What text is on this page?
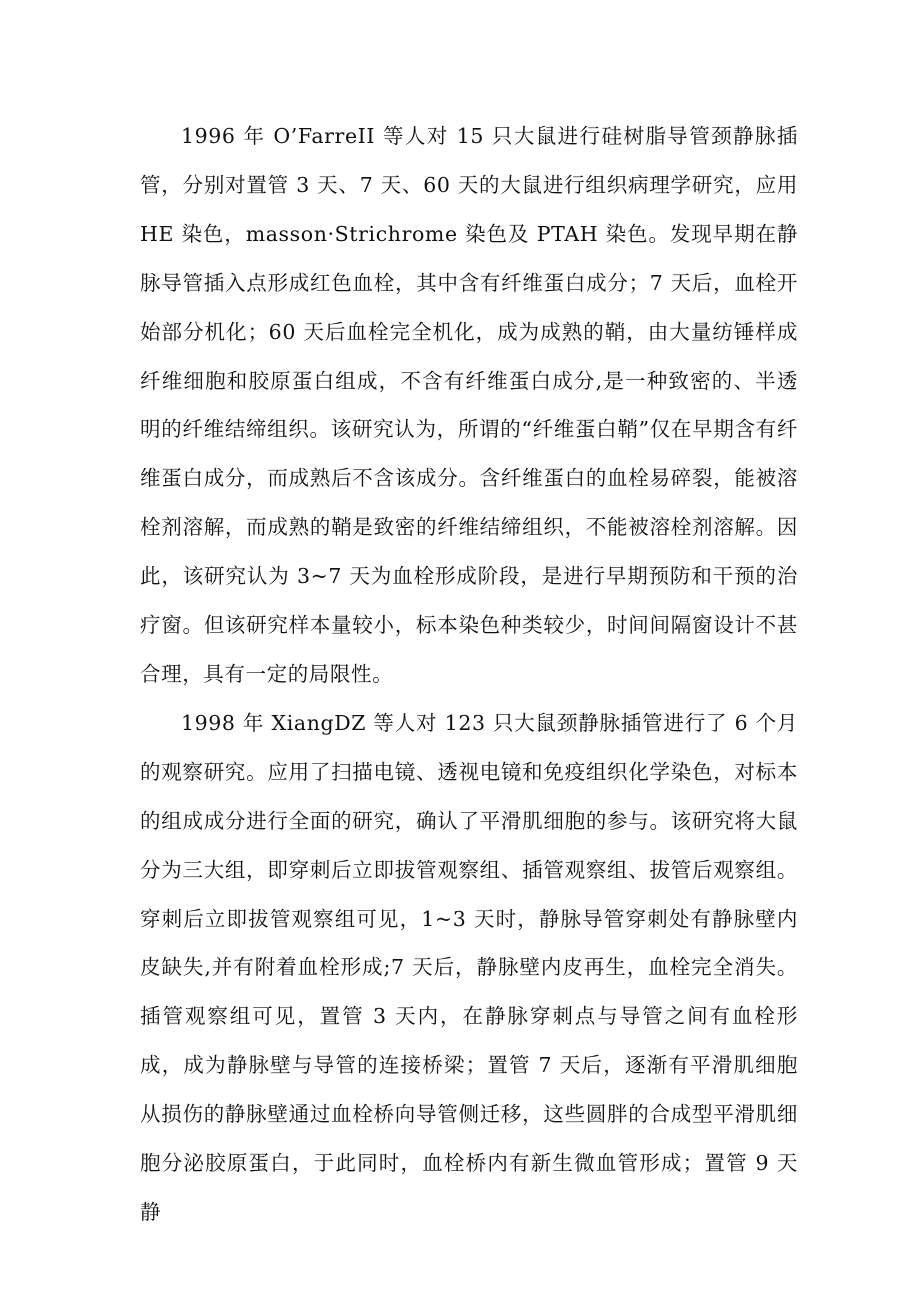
1996 年 O’FarreII 等人对 15 只大鼠进行硅树脂导管颈静脉插管，分别对置管 3 天、7 天、60 天的大鼠进行组织病理学研究，应用 HE 染色，masson·Strichrome 染色及 PTAH 染色。发现早期在静脉导管插入点形成红色血栓，其中含有纤维蛋白成分；7 天后，血栓开始部分机化；60 天后血栓完全机化，成为成熟的鞘，由大量纺锤样成纤维细胞和胶原蛋白组成，不含有纤维蛋白成分,是一种致密的、半透明的纤维结缔组织。该研究认为，所谓的“纤维蛋白鞘”仅在早期含有纤维蛋白成分，而成熟后不含该成分。含纤维蛋白的血栓易碎裂，能被溶栓剂溶解，而成熟的鞘是致密的纤维结缔组织，不能被溶栓剂溶解。因此，该研究认为 3~7 天为血栓形成阶段，是进行早期预防和干预的治疗窗。但该研究样本量较小，标本染色种类较少，时间间隔窗设计不甚合理，具有一定的局限性。

1998 年 XiangDZ 等人对 123 只大鼠颈静脉插管进行了 6 个月的观察研究。应用了扫描电镜、透视电镜和免疫组织化学染色，对标本的组成成分进行全面的研究，确认了平滑肌细胞的参与。该研究将大鼠分为三大组，即穿刺后立即拔管观察组、插管观察组、拔管后观察组。穿刺后立即拔管观察组可见，1~3 天时，静脉导管穿刺处有静脉壁内皮缺失,并有附着血栓形成;7 天后，静脉壁内皮再生，血栓完全消失。插管观察组可见，置管 3 天内，在静脉穿刺点与导管之间有血栓形成，成为静脉壁与导管的连接桥梁；置管 7 天后，逐渐有平滑肌细胞从损伤的静脉壁通过血栓桥向导管侧迁移，这些圆胖的合成型平滑肌细胞分泌胶原蛋白，于此同时，血栓桥内有新生微血管形成；置管 9 天静
